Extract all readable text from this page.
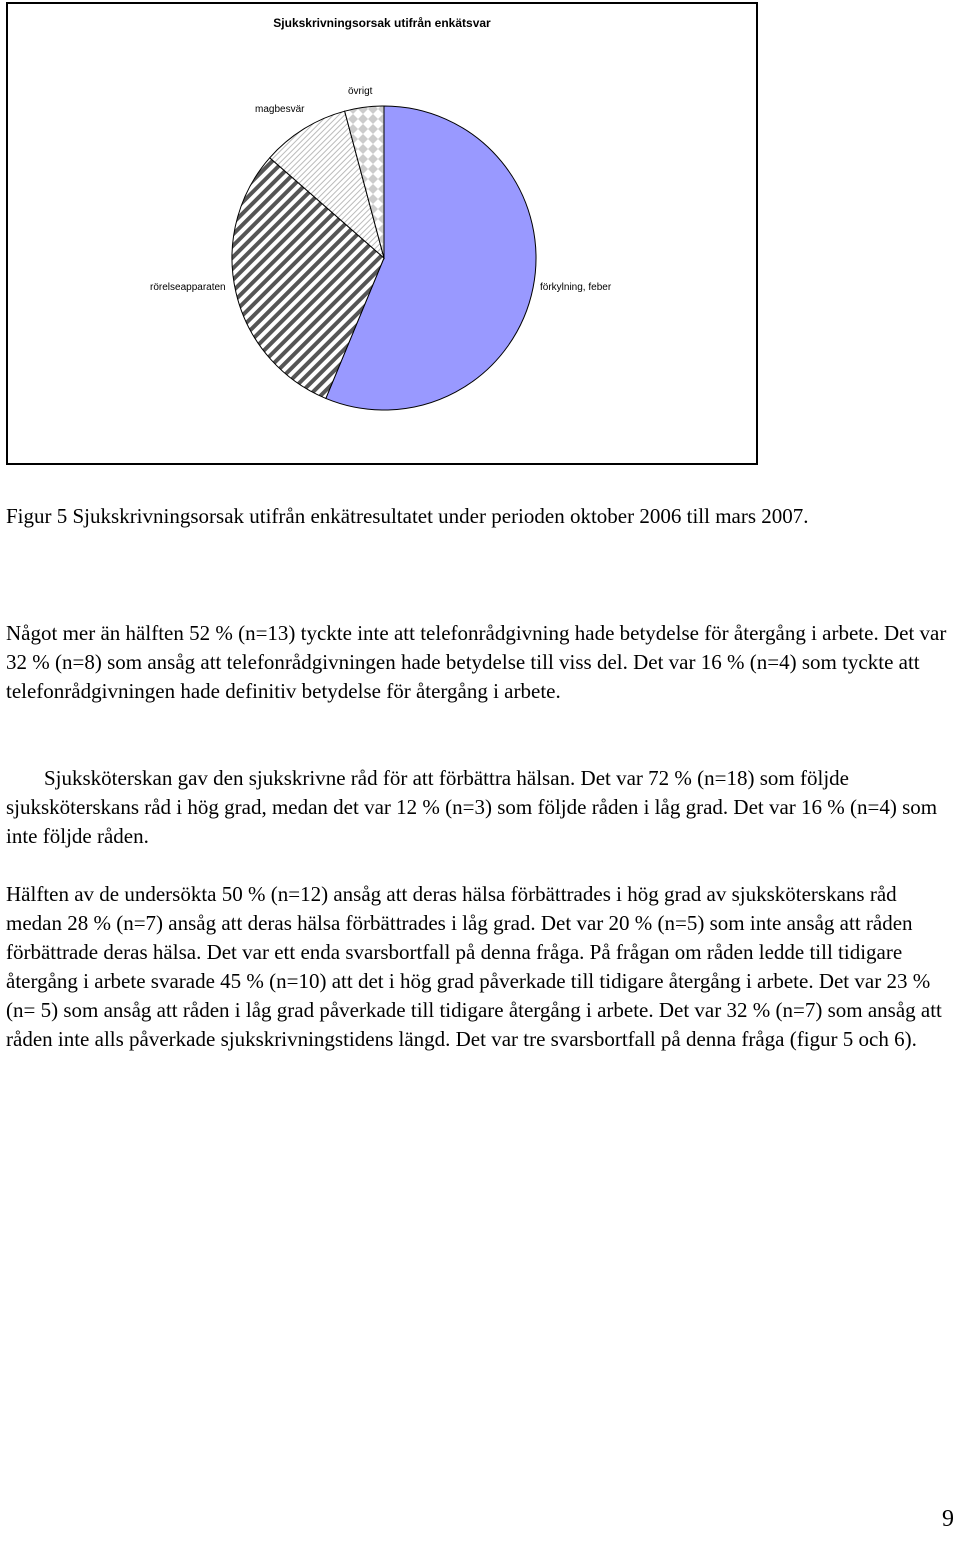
Sjukskrivningsorsak utifrån enkätsvar
övrigt
magbesvär
rörelseapparaten	förkylning, feber

Figur 5 Sjukskrivningsorsak utifrån enkätresultatet under perioden oktober 2006 till mars 2007.

Något mer än hälften 52 % (n=13) tyckte inte att telefonrådgivning hade betydelse för återgång i arbete. Det var 32 % (n=8) som ansåg att telefonrådgivningen hade betydelse till viss del. Det var 16 % (n=4) som tyckte att telefonrådgivningen hade definitiv betydelse för återgång i arbete.

Sjuksköterskan gav den sjukskrivne råd för att förbättra hälsan. Det var 72 % (n=18) som följde sjuksköterskans råd i hög grad, medan det var 12 % (n=3) som följde råden i låg grad. Det var 16 % (n=4) som inte följde råden.

Hälften av de undersökta 50 % (n=12) ansåg att deras hälsa förbättrades i hög grad av sjuksköterskans råd medan 28 % (n=7) ansåg att deras hälsa förbättrades i låg grad. Det var 20 % (n=5) som inte ansåg att råden förbättrade deras hälsa. Det var ett enda svarsbortfall på denna fråga. På frågan om råden ledde till tidigare återgång i arbete svarade 45 % (n=10) att det i hög grad påverkade till tidigare återgång i arbete. Det var 23 % (n= 5) som ansåg att råden i låg grad påverkade till tidigare återgång i arbete. Det var 32 % (n=7) som ansåg att råden inte alls påverkade sjukskrivningstidens längd. Det var tre svarsbortfall på denna fråga (figur 5 och 6).

9
